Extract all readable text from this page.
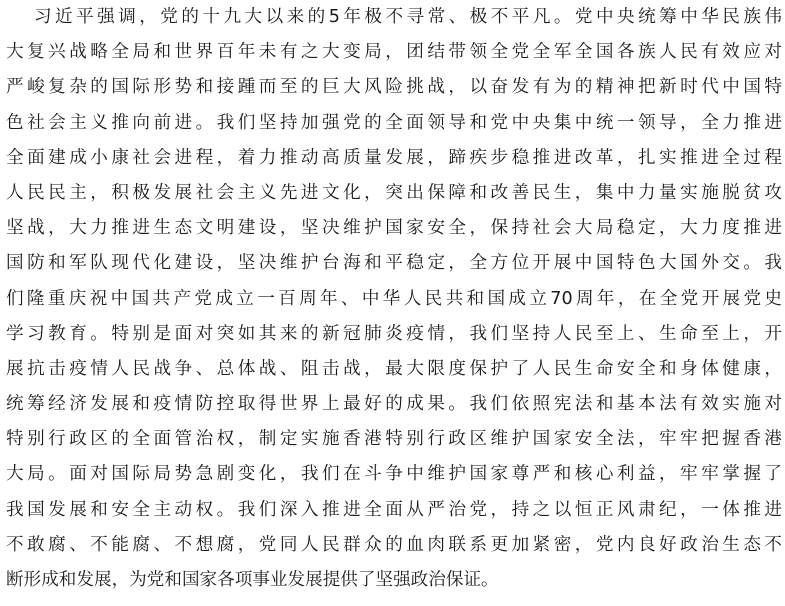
习近平强调，党的十九大以来的5年极不寻常、极不平凡。党中央统筹中华民族伟
大复兴战略全局和世界百年未有之大变局，团结带领全党全军全国各族人民有效应对
严峻复杂的国际形势和接踵而至的巨大风险挑战，以奋发有为的精神把新时代中国特
色社会主义推向前进。我们坚持加强党的全面领导和党中央集中统一领导，全力推进
全面建成小康社会进程，着力推动高质量发展，蹄疾步稳推进改革，扎实推进全过程
人民民主，积极发展社会主义先进文化，突出保障和改善民生，集中力量实施脱贫攻
坚战，大力推进生态文明建设，坚决维护国家安全，保持社会大局稳定，大力度推进
国防和军队现代化建设，坚决维护台海和平稳定，全方位开展中国特色大国外交。我
们隆重庆祝中国共产党成立一百周年、中华人民共和国成立70周年，在全党开展党史
学习教育。特别是面对突如其来的新冠肺炎疫情，我们坚持人民至上、生命至上，开
展抗击疫情人民战争、总体战、阻击战，最大限度保护了人民生命安全和身体健康，
统筹经济发展和疫情防控取得世界上最好的成果。我们依照宪法和基本法有效实施对
特别行政区的全面管治权，制定实施香港特别行政区维护国家安全法，牢牢把握香港
大局。面对国际局势急剧变化，我们在斗争中维护国家尊严和核心利益，牢牢掌握了
我国发展和安全主动权。我们深入推进全面从严治党，持之以恒正风肃纪，一体推进
不敢腐、不能腐、不想腐，党同人民群众的血肉联系更加紧密，党内良好政治生态不
断形成和发展，为党和国家各项事业发展提供了坚强政治保证。
